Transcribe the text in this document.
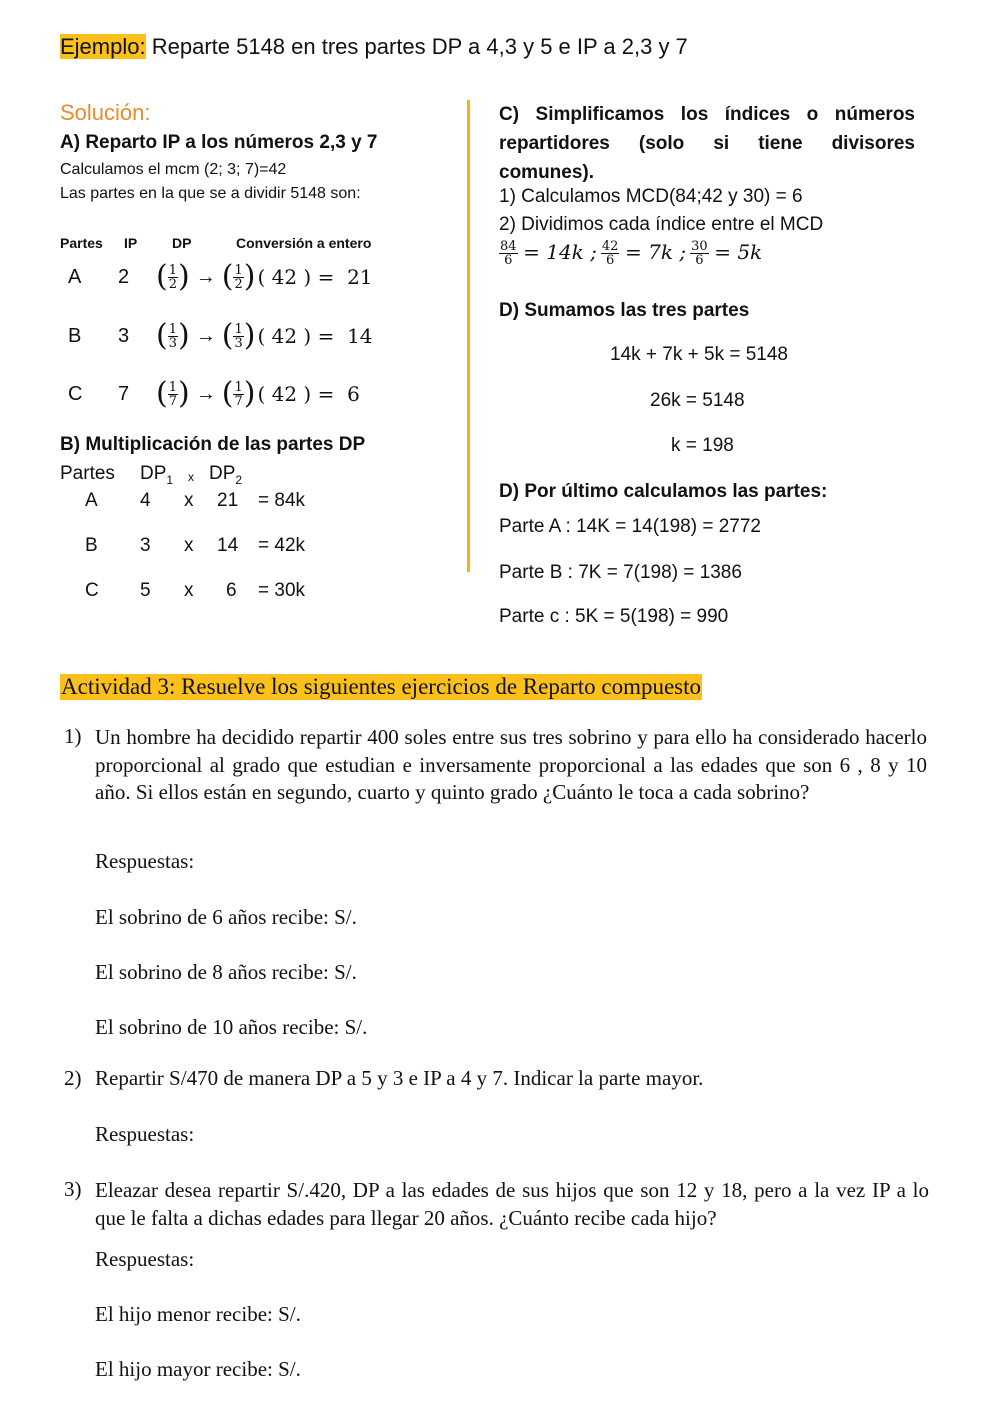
Ejemplo: Reparte 5148 en tres partes DP a 4,3 y 5 e IP a 2,3 y 7
Solución:
A) Reparto IP a los números 2,3 y 7
Calculamos el mcm (2; 3; 7)=42
Las partes en la que se a dividir 5148 son:
Partes IP DP	Conversión a entero
A	2 ( $\frac{1}{2}$ ) → ( $\frac{1}{2}$ ) ( 42 ) =  21
B	3 ( $\frac{1}{3}$ ) → ( $\frac{1}{3}$ ) ( 42 ) =  14
C	7 ( $\frac{1}{7}$ ) → ( $\frac{1}{7}$ ) ( 42 ) =  6
B) Multiplicación de las partes DP
Partes $DP_1$ x $DP_2$
A 4 x 21 = 84k
B 3 x 14 = 42k
C 5 x 6 = 30k
C) Simplificamos los índices o números repartidores (solo si tiene divisores comunes).
1) Calculamos MCD(84;42 y 30) = 6
2) Dividimos cada índice entre el MCD
$\frac{84}{6} = 14k$ ; $\frac{42}{6} = 7k$ ; $\frac{30}{6} = 5k$
D) Sumamos las tres partes
14k + 7k + 5k = 5148
26k = 5148
k = 198
D) Por último calculamos las partes:
Parte A : 14K = 14(198) = 2772
Parte B : 7K = 7(198) = 1386
Parte c : 5K = 5(198) = 990
Actividad 3: Resuelve los siguientes ejercicios de Reparto compuesto
1) Un hombre ha decidido repartir 400 soles entre sus tres sobrino y para ello ha considerado hacerlo proporcional al grado que estudian e inversamente proporcional a las edades que son 6 , 8 y 10 año. Si ellos están en segundo, cuarto y quinto grado ¿Cuánto le toca a cada sobrino?
Respuestas:
El sobrino de 6 años recibe: S/.
El sobrino de 8 años recibe: S/.
El sobrino de 10 años recibe: S/.
2) Repartir S/470 de manera DP a 5 y 3 e IP a 4 y 7. Indicar la parte mayor.
Respuestas:
3) Eleazar desea repartir S/.420, DP a las edades de sus hijos que son 12 y 18, pero a la vez IP a lo que le falta a dichas edades para llegar 20 años. ¿Cuánto recibe cada hijo?
Respuestas:
El hijo menor recibe: S/.
El hijo mayor recibe: S/.
